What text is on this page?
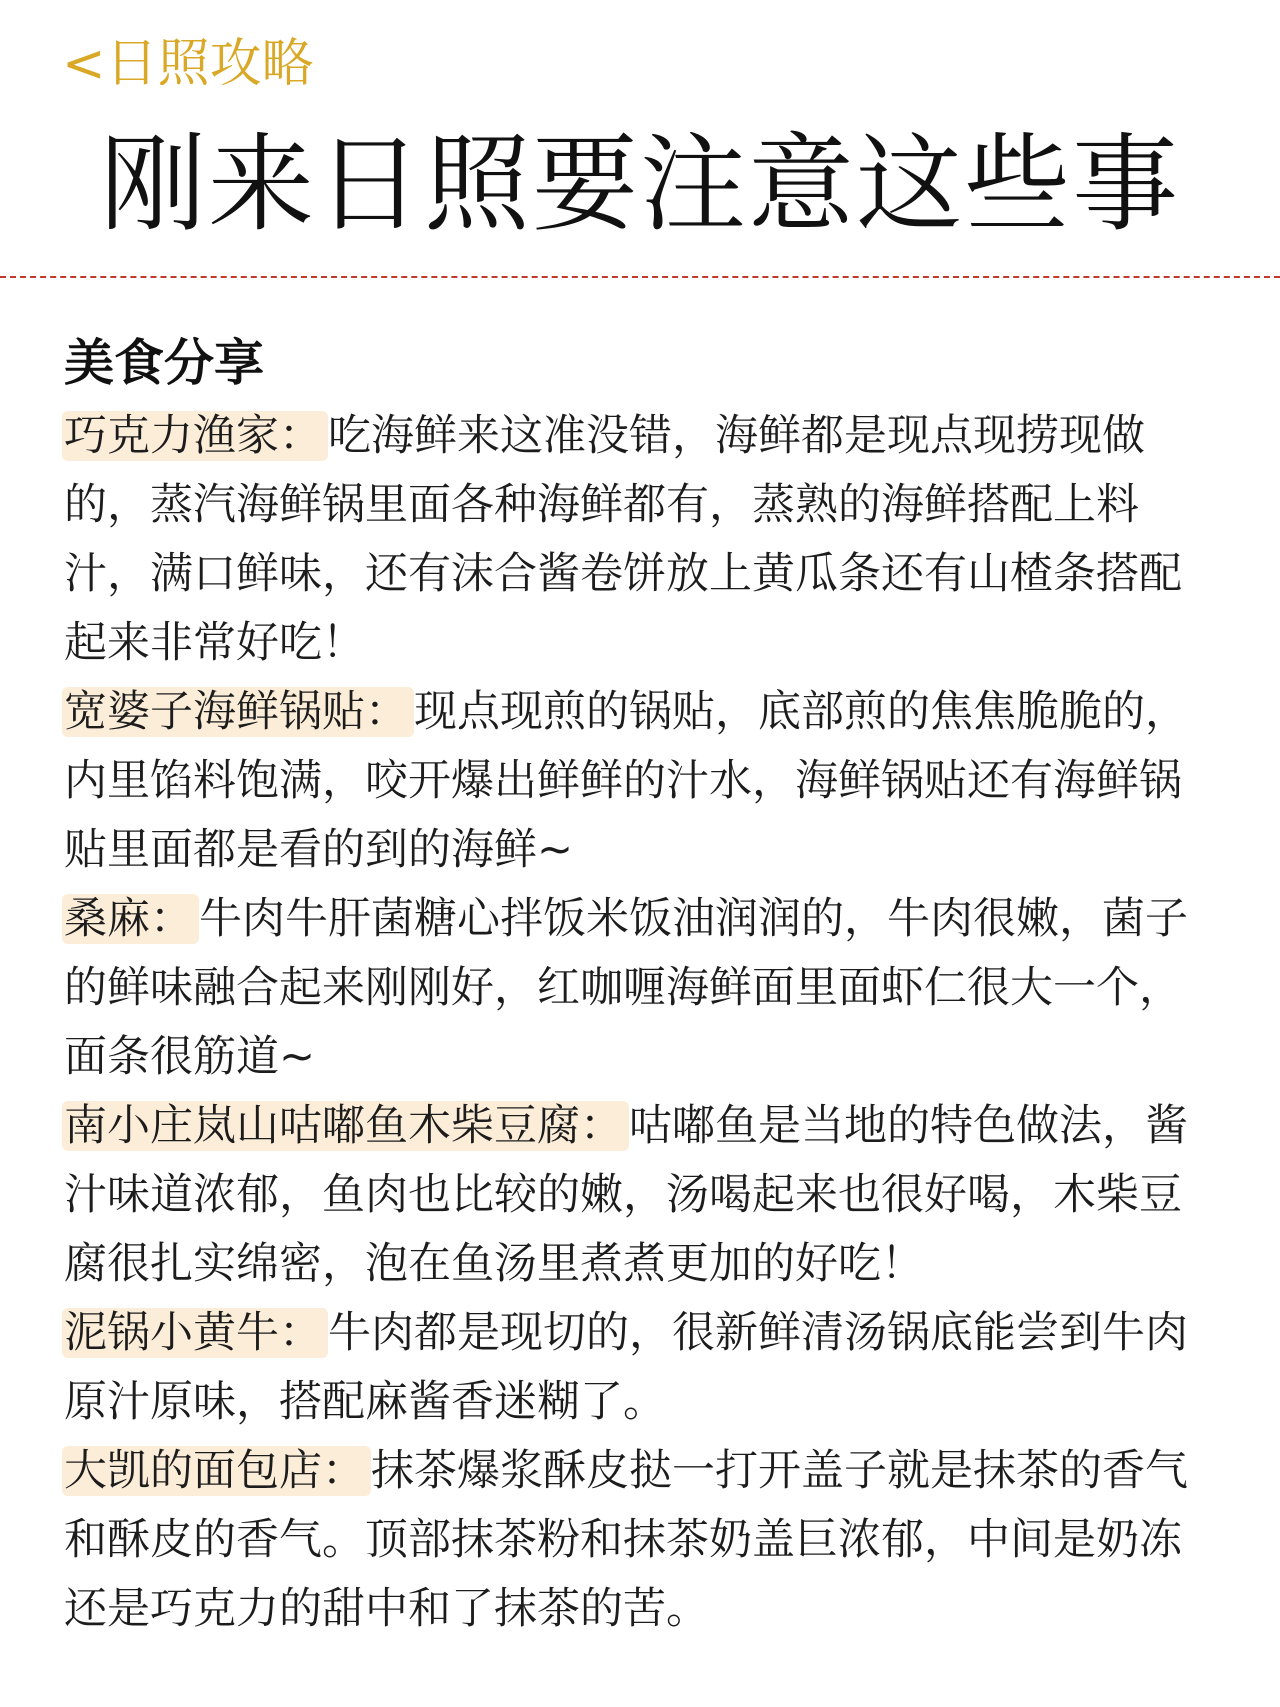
<日照攻略
刚来日照要注意这些事
美食分享

巧克力渔家： 吃海鲜来这准没错，海鲜都是现点现捞现做的，蒸汽海鲜锅里面各种海鲜都有，蒸熟的海鲜搭配上料汁，满口鲜味，还有沫合酱卷饼放上黄瓜条还有山楂条搭配起来非常好吃！

宽婆子海鲜锅贴： 现点现煎的锅贴，底部煎的焦焦脆脆的，内里馅料饱满，咬开爆出鲜鲜的汁水，海鲜锅贴还有海鲜锅贴里面都是看的到的海鲜~

桑麻： 牛肉牛肝菌糖心拌饭米饭油润润的，牛肉很嫩，菌子的鲜味融合起来刚刚好，红咖喱海鲜面里面虾仁很大一个，面条很筋道~

南小庄岚山咕嘟鱼木柴豆腐： 咕嘟鱼是当地的特色做法，酱汁味道浓郁，鱼肉也比较的嫩，汤喝起来也很好喝，木柴豆腐很扎实绵密，泡在鱼汤里煮煮更加的好吃！

泥锅小黄牛： 牛肉都是现切的，很新鲜清汤锅底能尝到牛肉原汁原味，搭配麻酱香迷糊了。

大凯的面包店： 抹茶爆浆酥皮挞一打开盖子就是抹茶的香气和酥皮的香气。顶部抹茶粉和抹茶奶盖巨浓郁，中间是奶冻还是巧克力的甜中和了抹茶的苦。
